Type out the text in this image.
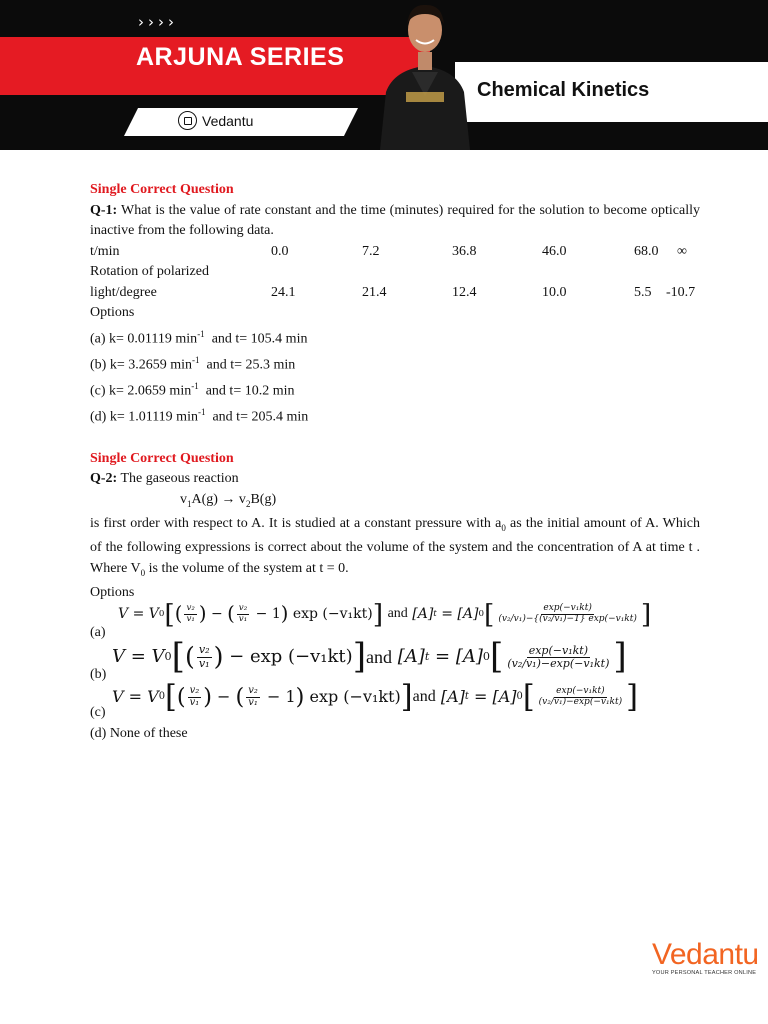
››››
ARJUNA SERIES
Vedantu
Chemical Kinetics
Single Correct Question
Q-1: What is the value of rate constant and the time (minutes) required for the solution to become optically inactive from the following data.
t/min	0.0	7.2	36.8	46.0	68.0 ∞
Rotation of polarized
light/degree	24.1	21.4	12.4	10.0	5.5 -10.7
Options
(a) k= 0.01119 $\min^{-1}$  and t= 105.4 min
(b) k= 3.2659 $\min^{-1}$  and t= 25.3 min
(c) k= 2.0659 $\min^{-1}$  and t= 10.2 min
(d) k= 1.01119 $\min^{-1}$  and t= 205.4 min
Single Correct Question
Q-2: The gaseous reaction
$v_1A(g) \to v_2B(g)$
is first order with respect to A. It is studied at a constant pressure with $a_0$ as the initial amount of A. Which of the following expressions is correct about the volume of the system and the concentration of A at time t . Where $V_0$ is the volume of the system at t = 0.
Options
(a)
V = V 0 [ ( $\frac{\text{v₂}}{\text{v₁}}$ )
−
( $\frac{\text{v₂}}{\text{v₁}}$
− 1 )
exp (−v₁kt) ]
and
[A] t
= [A] 0 [ $\frac{\text{exp(−v₁kt)}}{\text{(v₂/v₁)−\{(v₂/v₁)−1\} exp(−v₁kt)}}$ ]
(b)
V = V 0 [ ( $\frac{\text{v₂}}{\text{v₁}}$ )
−
exp (−v₁kt) ] and
[A] t
= [A] 0 [ $\frac{\text{exp(−v₁kt)}}{\text{(v₂/v₁)−exp(−v₁kt)}}$ ]
(c)
V = V 0 [ ( $\frac{\text{v₂}}{\text{v₁}}$ )
−
( $\frac{\text{v₂}}{\text{v₁}}$
− 1 )
exp (−v₁kt) ] and
[A] t
= [A] 0 [ $\frac{\text{exp(−v₁kt)}}{\text{(v₂/v₁)−exp(−v₁kt)}}$ ]
(d) None of these
Vedantu
YOUR PERSONAL TEACHER ONLINE
